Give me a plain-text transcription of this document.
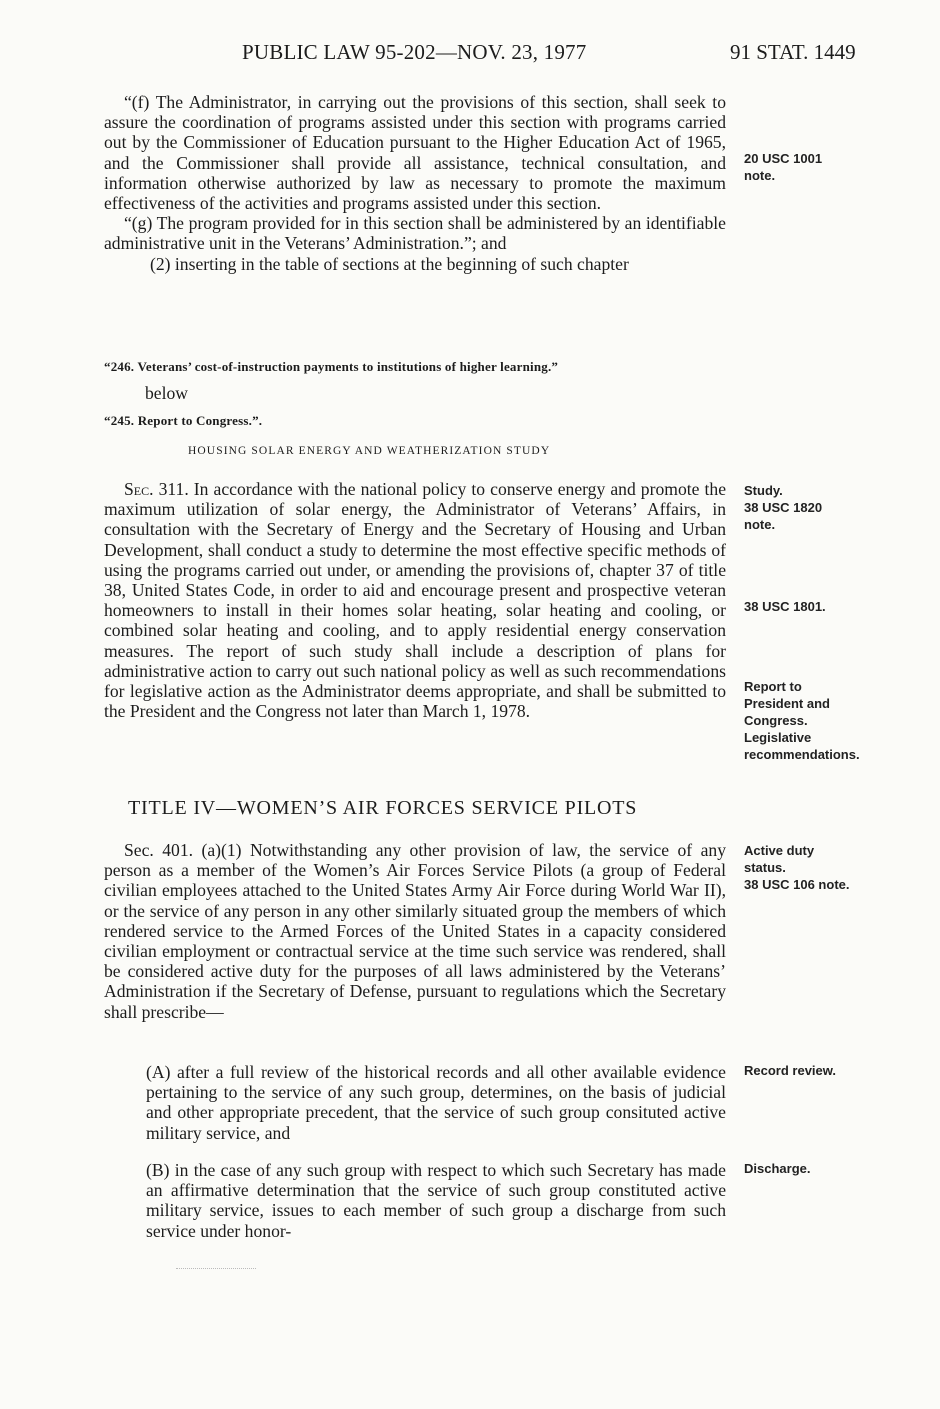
PUBLIC LAW 95-202—NOV. 23, 1977	91 STAT. 1449

“(f) The Administrator, in carrying out the provisions of this section, shall seek to assure the coordination of programs assisted under this section with programs carried out by the Commissioner of Education pursuant to the Higher Education Act of 1965, and the Commissioner shall provide all assistance, technical consultation, and information otherwise authorized by law as necessary to promote the maximum effectiveness of the activities and programs assisted under this section.

“(g) The program provided for in this section shall be administered by an identifiable administrative unit in the Veterans’ Administration.”; and

(2) inserting in the table of sections at the beginning of such chapter

“246. Veterans’ cost-of-instruction payments to institutions of higher learning.”
below
“245. Report to Congress.”.
HOUSING SOLAR ENERGY AND WEATHERIZATION STUDY

Sec. 311. In accordance with the national policy to conserve energy and promote the maximum utilization of solar energy, the Administrator of Veterans’ Affairs, in consultation with the Secretary of Energy and the Secretary of Housing and Urban Development, shall conduct a study to determine the most effective specific methods of using the programs carried out under, or amending the provisions of, chapter 37 of title 38, United States Code, in order to aid and encourage present and prospective veteran homeowners to install in their homes solar heating, solar heating and cooling, or combined solar heating and cooling, and to apply residential energy conservation measures. The report of such study shall include a description of plans for administrative action to carry out such national policy as well as such recommendations for legislative action as the Administrator deems appropriate, and shall be submitted to the President and the Congress not later than March 1, 1978.

TITLE IV—WOMEN’S AIR FORCES SERVICE PILOTS

Sec. 401. (a)(1) Notwithstanding any other provision of law, the service of any person as a member of the Women’s Air Forces Service Pilots (a group of Federal civilian employees attached to the United States Army Air Force during World War II), or the service of any person in any other similarly situated group the members of which rendered service to the Armed Forces of the United States in a capacity considered civilian employment or contractual service at the time such service was rendered, shall be considered active duty for the purposes of all laws administered by the Veterans’ Administration if the Secretary of Defense, pursuant to regulations which the Secretary shall prescribe—

(A) after a full review of the historical records and all other available evidence pertaining to the service of any such group, determines, on the basis of judicial and other appropriate precedent, that the service of such group consituted active military service, and

(B) in the case of any such group with respect to which such Secretary has made an affirmative determination that the service of such group constituted active military service, issues to each member of such group a discharge from such service under honor-

20 USC 1001
note.
Study.
38 USC 1820
note.
38 USC 1801.
Report to
President and
Congress.
Legislative
recommendations.
Active duty
status.
38 USC 106 note.
Record review.
Discharge.
